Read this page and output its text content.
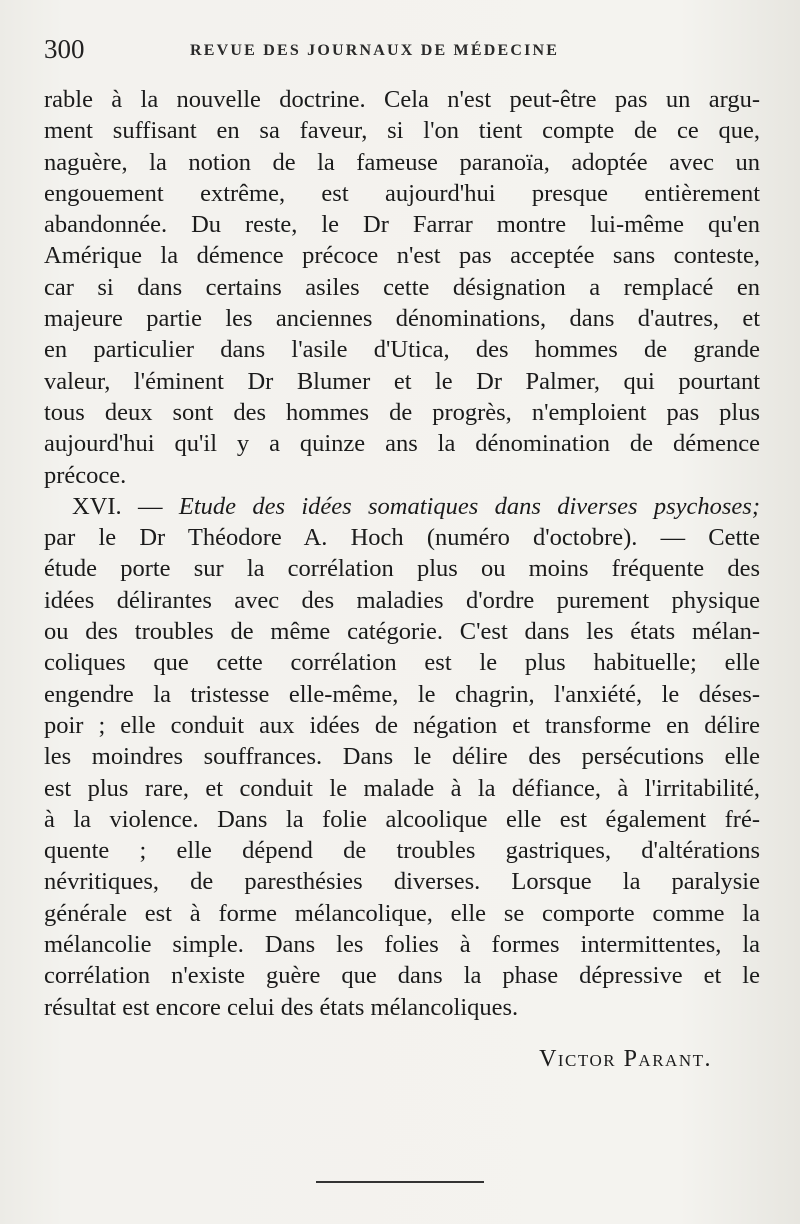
300	REVUE DES JOURNAUX DE MÉDECINE
rable à la nouvelle doctrine. Cela n'est peut-être pas un argu-
ment suffisant en sa faveur, si l'on tient compte de ce que,
naguère, la notion de la fameuse paranoïa, adoptée avec un
engouement extrême, est aujourd'hui presque entièrement
abandonnée. Du reste, le Dr Farrar montre lui-même qu'en
Amérique la démence précoce n'est pas acceptée sans conteste,
car si dans certains asiles cette désignation a remplacé en
majeure partie les anciennes dénominations, dans d'autres, et
en particulier dans l'asile d'Utica, des hommes de grande
valeur, l'éminent Dr Blumer et le Dr Palmer, qui pourtant
tous deux sont des hommes de progrès, n'emploient pas plus
aujourd'hui qu'il y a quinze ans la dénomination de démence
précoce.
XVI. — Etude des idées somatiques dans diverses psychoses;
par le Dr Théodore A. Hoch (numéro d'octobre). — Cette
étude porte sur la corrélation plus ou moins fréquente des
idées délirantes avec des maladies d'ordre purement physique
ou des troubles de même catégorie. C'est dans les états mélan-
coliques que cette corrélation est le plus habituelle; elle
engendre la tristesse elle-même, le chagrin, l'anxiété, le déses-
poir ; elle conduit aux idées de négation et transforme en délire
les moindres souffrances. Dans le délire des persécutions elle
est plus rare, et conduit le malade à la défiance, à l'irritabilité,
à la violence. Dans la folie alcoolique elle est également fré-
quente ; elle dépend de troubles gastriques, d'altérations
névritiques, de paresthésies diverses. Lorsque la paralysie
générale est à forme mélancolique, elle se comporte comme la
mélancolie simple. Dans les folies à formes intermittentes, la
corrélation n'existe guère que dans la phase dépressive et le
résultat est encore celui des états mélancoliques.
Victor Parant.
